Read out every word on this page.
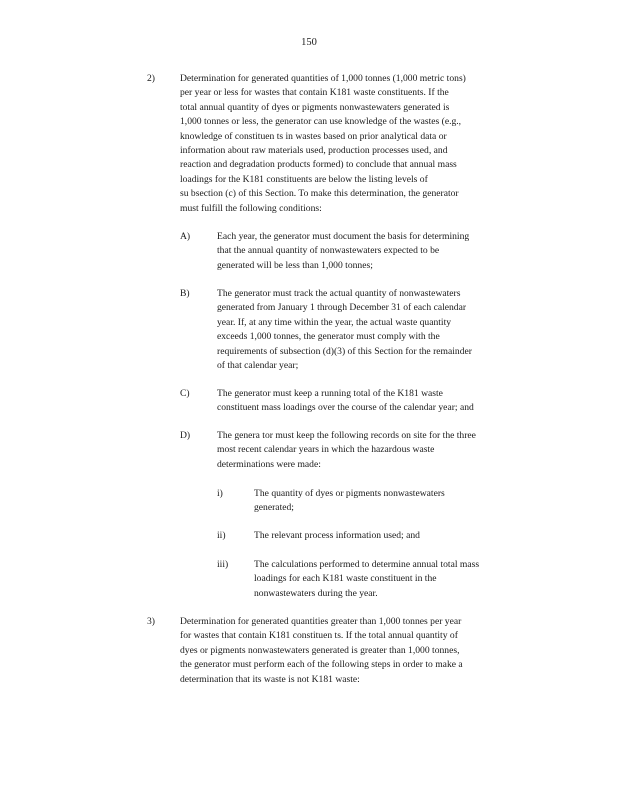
150
2)	Determination for generated quantities of 1,000 tonnes (1,000 metric tons)
per year or less for wastes that contain K181 waste constituents. If the
total annual quantity of dyes or pigments nonwastewaters generated is
1,000 tonnes or less, the generator can use knowledge of the wastes (e.g.,
knowledge of constituen ts in wastes based on prior analytical data or
information about raw materials used, production processes used, and
reaction and degradation products formed) to conclude that annual mass
loadings for the K181 constituents are below the listing levels of
su bsection (c) of this Section. To make this determination, the generator
must fulfill the following conditions:
A)	Each year, the generator must document the basis for determining
that the annual quantity of nonwastewaters expected to be
generated will be less than 1,000 tonnes;
B)	The generator must track the actual quantity of nonwastewaters
generated from January 1 through December 31 of each calendar
year. If, at any time within the year, the actual waste quantity
exceeds 1,000 tonnes, the generator must comply with the
requirements of subsection (d)(3) of this Section for the remainder
of that calendar year;
C)	The generator must keep a running total of the K181 waste
constituent mass loadings over the course of the calendar year; and
D)	The genera tor must keep the following records on site for the three
most recent calendar years in which the hazardous waste
determinations were made:
i)	The quantity of dyes or pigments nonwastewaters
generated;
ii)	The relevant process information used; and
iii)	The calculations performed to determine annual total mass
loadings for each K181 waste constituent in the
nonwastewaters during the year.
3)	Determination for generated quantities greater than 1,000 tonnes per year
for wastes that contain K181 constituen ts. If the total annual quantity of
dyes or pigments nonwastewaters generated is greater than 1,000 tonnes,
the generator must perform each of the following steps in order to make a
determination that its waste is not K181 waste:
